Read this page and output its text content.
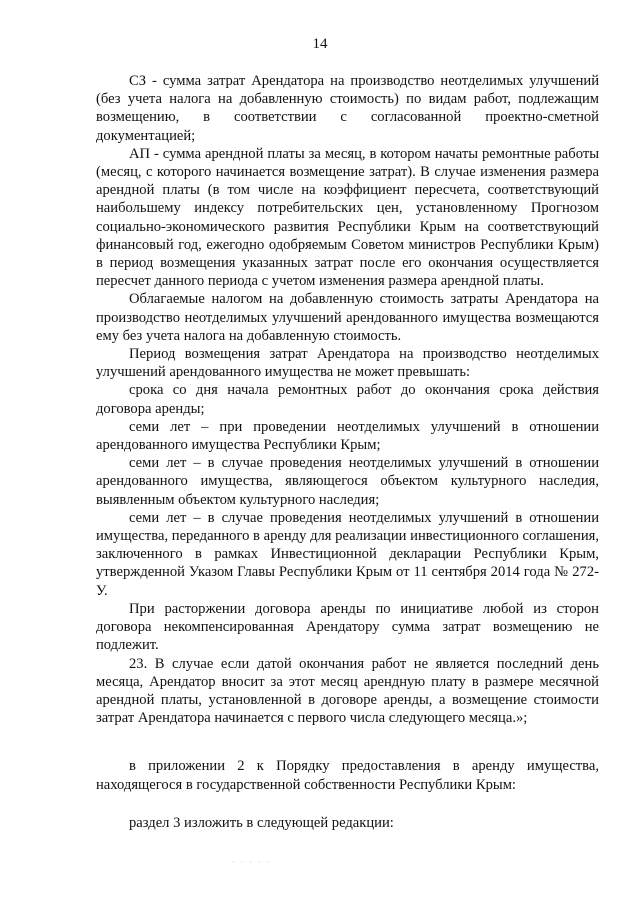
14

СЗ - сумма затрат Арендатора на производство неотделимых улучшений (без учета налога на добавленную стоимость) по видам работ, подлежащим возмещению, в соответствии с согласованной проектно-сметной документацией;

АП - сумма арендной платы за месяц, в котором начаты ремонтные работы (месяц, с которого начинается возмещение затрат). В случае изменения размера арендной платы (в том числе на коэффициент пересчета, соответствующий наибольшему индексу потребительских цен, установленному Прогнозом социально-экономического развития Республики Крым на соответствующий финансовый год, ежегодно одобряемым Советом министров Республики Крым) в период возмещения указанных затрат после его окончания осуществляется пересчет данного периода с учетом изменения размера арендной платы.

Облагаемые налогом на добавленную стоимость затраты Арендатора на производство неотделимых улучшений арендованного имущества возмещаются ему без учета налога на добавленную стоимость.

Период возмещения затрат Арендатора на производство неотделимых улучшений арендованного имущества не может превышать:

срока со дня начала ремонтных работ до окончания срока действия договора аренды;

семи лет – при проведении неотделимых улучшений в отношении арендованного имущества Республики Крым;

семи лет – в случае проведения неотделимых улучшений в отношении арендованного имущества, являющегося объектом культурного наследия, выявленным объектом культурного наследия;

семи лет – в случае проведения неотделимых улучшений в отношении имущества, переданного в аренду для реализации инвестиционного соглашения, заключенного в рамках Инвестиционной декларации Республики Крым, утвержденной Указом Главы Республики Крым от 11 сентября 2014 года № 272-У.

При расторжении договора аренды по инициативе любой из сторон договора некомпенсированная Арендатору сумма затрат возмещению не подлежит.

23. В случае если датой окончания работ не является последний день месяца, Арендатор вносит за этот месяц арендную плату в размере месячной арендной платы, установленной в договоре аренды, а возмещение стоимости затрат Арендатора начинается с первого числа следующего месяца.»;

в приложении 2 к Порядку предоставления в аренду имущества, находящегося в государственной собственности Республики Крым:

раздел 3 изложить в следующей редакции:

· · · · ·
